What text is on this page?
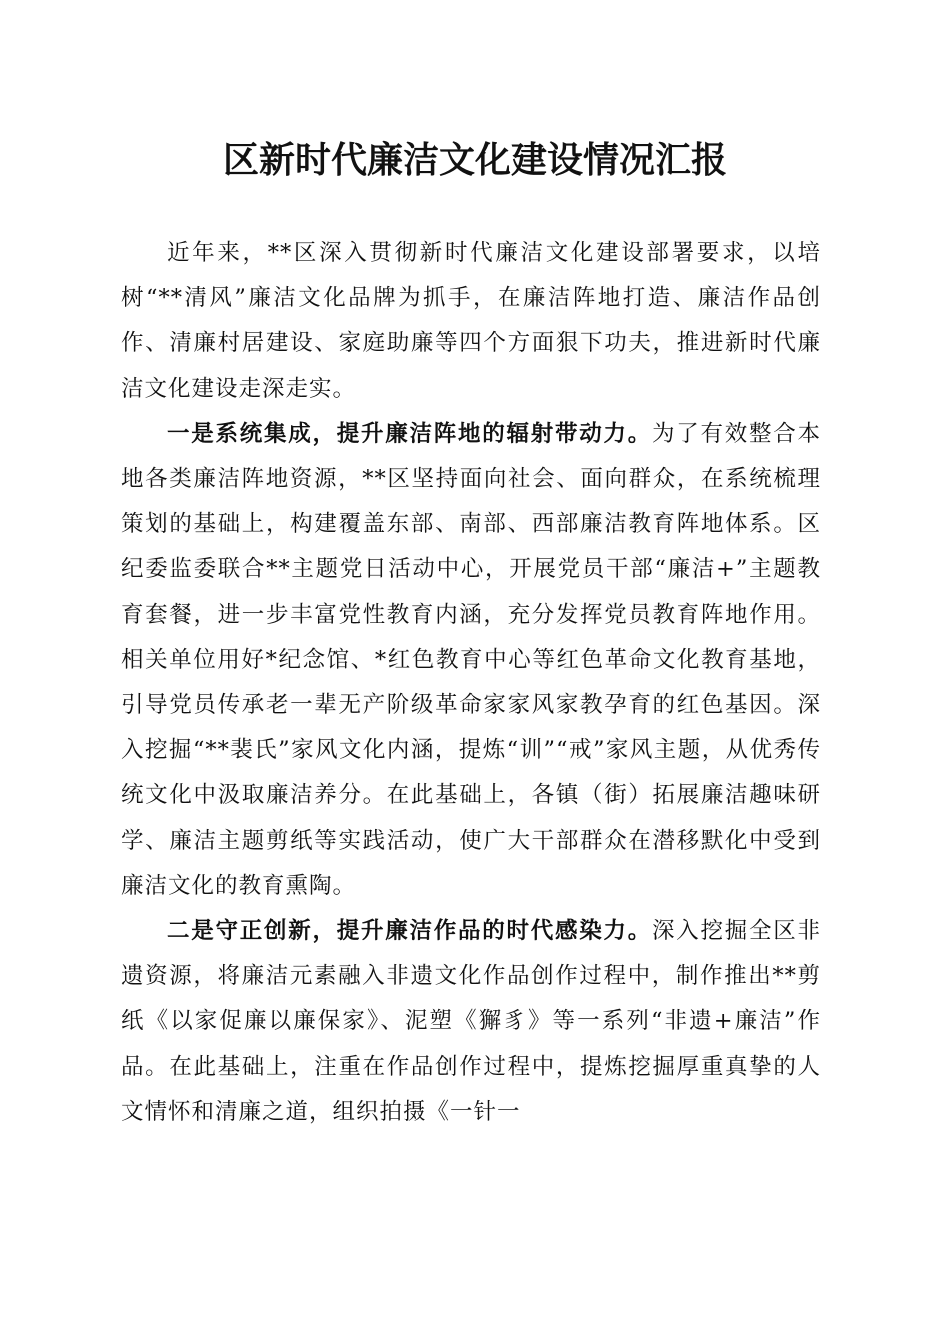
区新时代廉洁文化建设情况汇报

近年来，**区深入贯彻新时代廉洁文化建设部署要求，以培树“**清风”廉洁文化品牌为抓手，在廉洁阵地打造、廉洁作品创作、清廉村居建设、家庭助廉等四个方面狠下功夫，推进新时代廉洁文化建设走深走实。

一是系统集成，提升廉洁阵地的辐射带动力。为了有效整合本地各类廉洁阵地资源，**区坚持面向社会、面向群众，在系统梳理策划的基础上，构建覆盖东部、南部、西部廉洁教育阵地体系。区纪委监委联合**主题党日活动中心，开展党员干部“廉洁+”主题教育套餐，进一步丰富党性教育内涵，充分发挥党员教育阵地作用。相关单位用好*纪念馆、*红色教育中心等红色革命文化教育基地，引导党员传承老一辈无产阶级革命家家风家教孕育的红色基因。深入挖掘“**裴氏”家风文化内涵，提炼“训”“戒”家风主题，从优秀传统文化中汲取廉洁养分。在此基础上，各镇（街）拓展廉洁趣味研学、廉洁主题剪纸等实践活动，使广大干部群众在潜移默化中受到廉洁文化的教育熏陶。

二是守正创新，提升廉洁作品的时代感染力。深入挖掘全区非遗资源，将廉洁元素融入非遗文化作品创作过程中，制作推出**剪纸《以家促廉以廉保家》、泥塑《獬豸》等一系列“非遗+廉洁”作品。在此基础上，注重在作品创作过程中，提炼挖掘厚重真挚的人文情怀和清廉之道，组织拍摄《一针一
